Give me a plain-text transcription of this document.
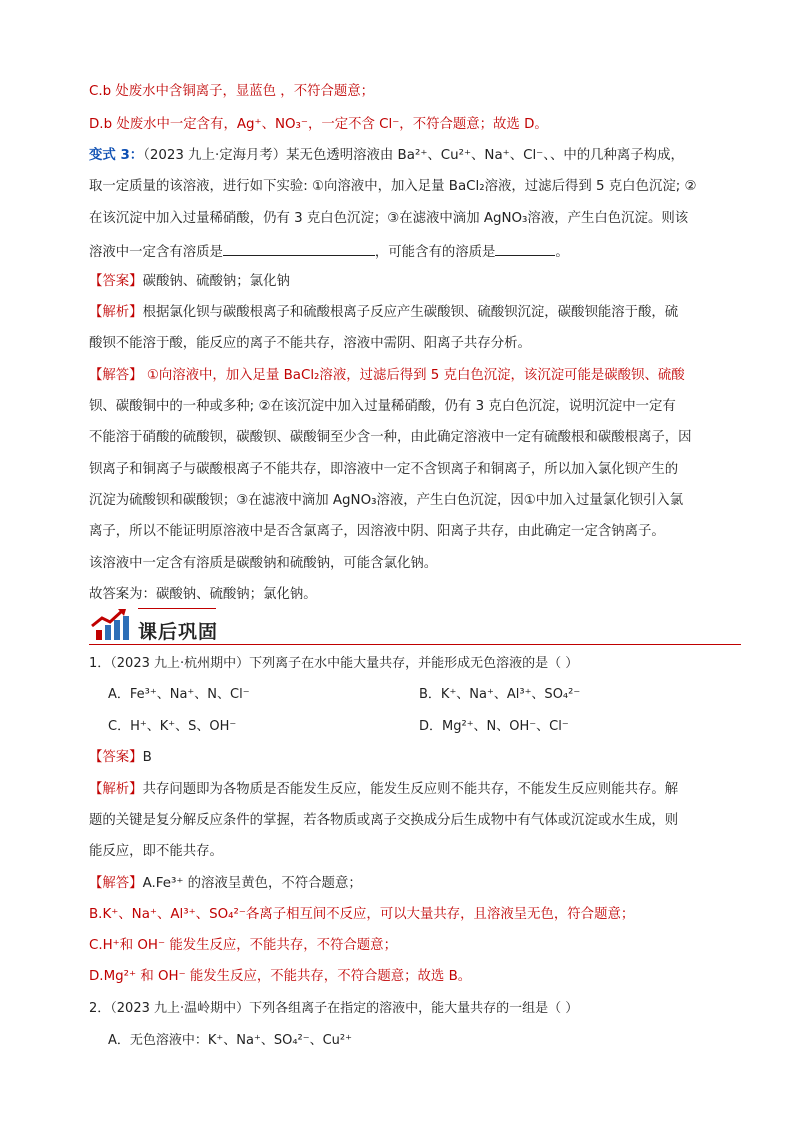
C.b 处废水中含铜离子，显蓝色 ，不符合题意；
D.b 处废水中一定含有，Ag⁺、NO₃⁻，一定不含 Cl⁻，不符合题意；故选 D。
变式 3：（2023 九上·定海月考）某无色透明溶液由 Ba²⁺、Cu²⁺、Na⁺、Cl⁻、、中的几种离子构成，
取一定质量的该溶液，进行如下实验: ①向溶液中，加入足量 BaCl₂溶液，过滤后得到 5 克白色沉淀; ②
在该沉淀中加入过量稀硝酸，仍有 3 克白色沉淀；③在滤液中滴加 AgNO₃溶液，产生白色沉淀。则该
溶液中一定含有溶质是	，可能含有的溶质是	。
【答案】碳酸钠、硫酸钠；氯化钠
【解析】根据氯化钡与碳酸根离子和硫酸根离子反应产生碳酸钡、硫酸钡沉淀，碳酸钡能溶于酸，硫
酸钡不能溶于酸，能反应的离子不能共存，溶液中需阴、阳离子共存分析。
【解答】 ①向溶液中，加入足量 BaCl₂溶液，过滤后得到 5 克白色沉淀，该沉淀可能是碳酸钡、硫酸
钡、碳酸铜中的一种或多种; ②在该沉淀中加入过量稀硝酸，仍有 3 克白色沉淀，说明沉淀中一定有
不能溶于硝酸的硫酸钡，碳酸钡、碳酸铜至少含一种，由此确定溶液中一定有硫酸根和碳酸根离子，因
钡离子和铜离子与碳酸根离子不能共存，即溶液中一定不含钡离子和铜离子，所以加入氯化钡产生的
沉淀为硫酸钡和碳酸钡；③在滤液中滴加 AgNO₃溶液，产生白色沉淀，因①中加入过量氯化钡引入氯
离子，所以不能证明原溶液中是否含氯离子，因溶液中阴、阳离子共存，由此确定一定含钠离子。
该溶液中一定含有溶质是碳酸钠和硫酸钠，可能含氯化钠。
故答案为：碳酸钠、硫酸钠；氯化钠。
课后巩固
1．（2023 九上·杭州期中）下列离子在水中能大量共存，并能形成无色溶液的是（ ）
A．Fe³⁺、Na⁺、N、Cl⁻	B．K⁺、Na⁺、Al³⁺、SO₄²⁻
C．H⁺、K⁺、S、OH⁻	D．Mg²⁺、N、OH⁻、Cl⁻
【答案】B
【解析】共存问题即为各物质是否能发生反应，能发生反应则不能共存，不能发生反应则能共存。解
题的关键是复分解反应条件的掌握，若各物质或离子交换成分后生成物中有气体或沉淀或水生成，则
能反应，即不能共存。
【解答】A.Fe³⁺ 的溶液呈黄色，不符合题意；
B.K⁺、Na⁺、Al³⁺、SO₄²⁻各离子相互间不反应，可以大量共存，且溶液呈无色，符合题意；
C.H⁺和 OH⁻ 能发生反应，不能共存，不符合题意；
D.Mg²⁺ 和 OH⁻ 能发生反应，不能共存，不符合题意；故选 B。
2．（2023 九上·温岭期中）下列各组离子在指定的溶液中，能大量共存的一组是（ ）
A．无色溶液中：K⁺、Na⁺、SO₄²⁻、Cu²⁺
